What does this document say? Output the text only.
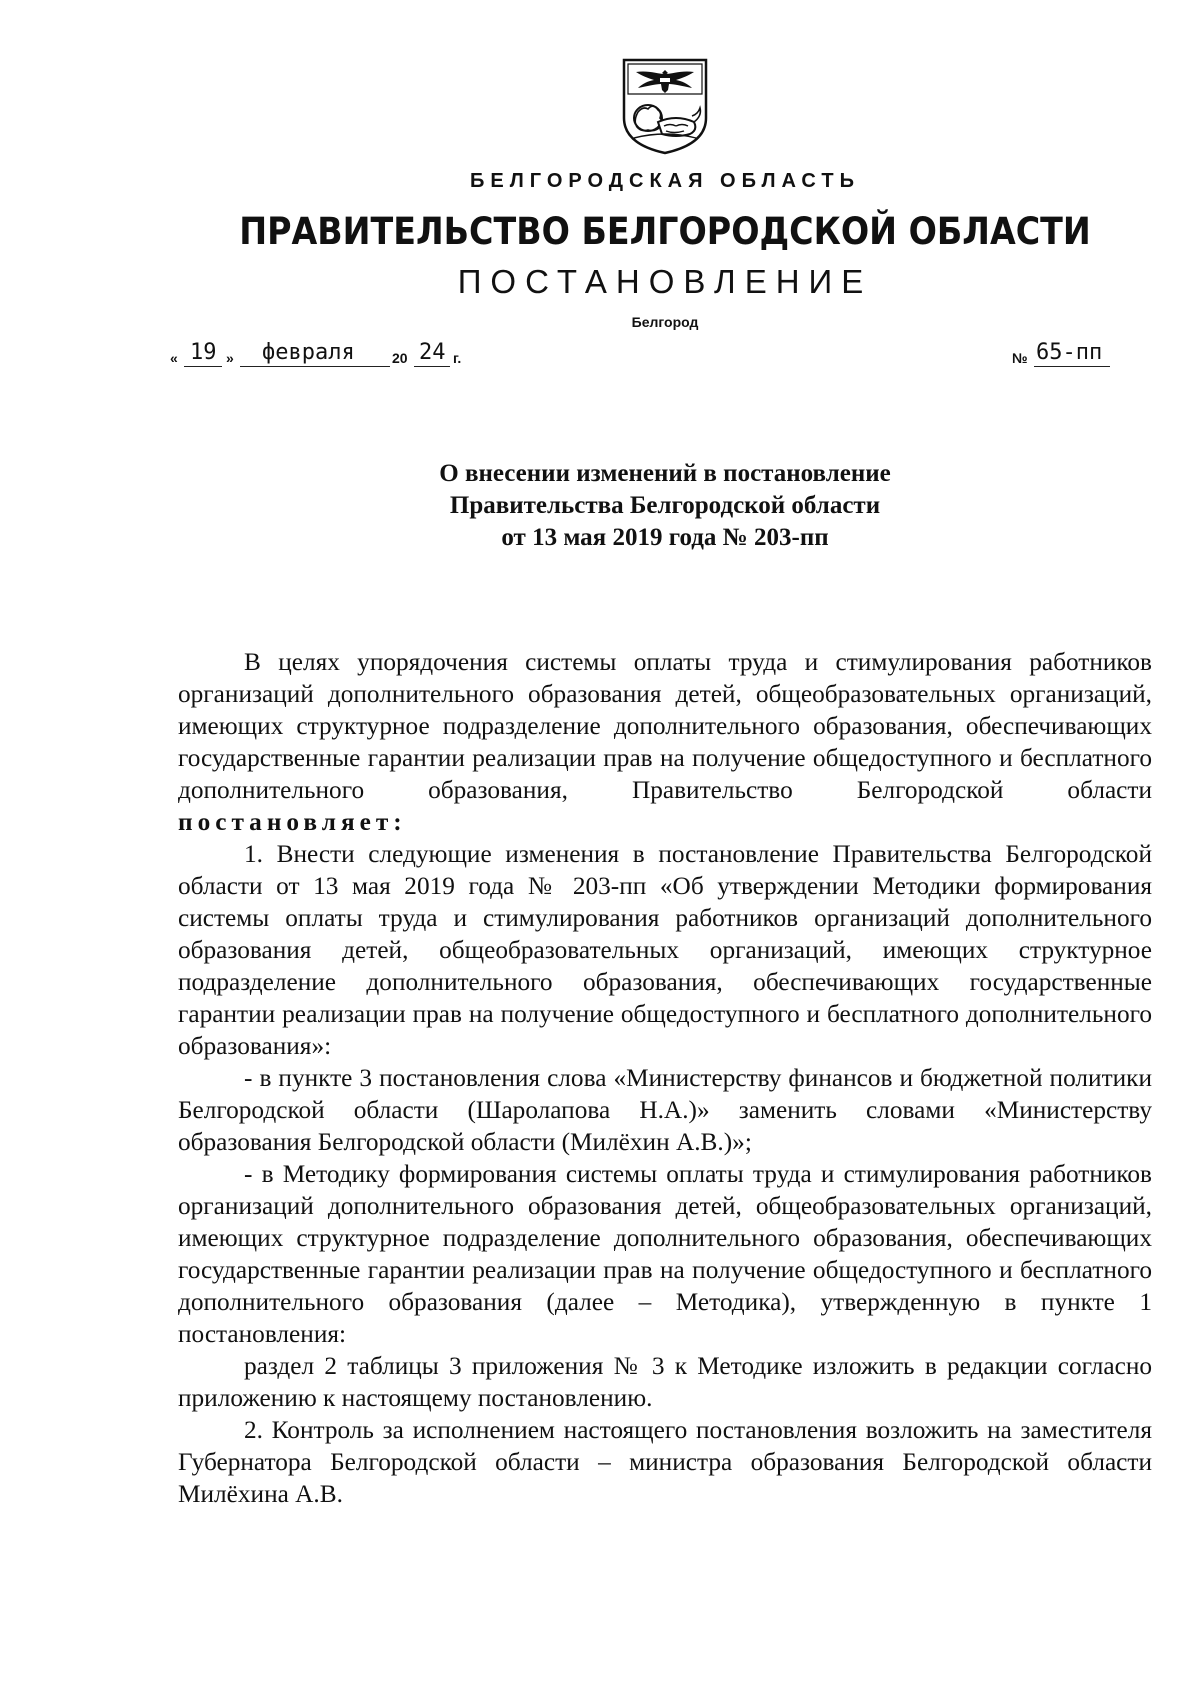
БЕЛГОРОДСКАЯ ОБЛАСТЬ
ПРАВИТЕЛЬСТВО БЕЛГОРОДСКОЙ ОБЛАСТИ
ПОСТАНОВЛЕНИЕ
Белгород
« 19 » февраля	20 24 г.	№ 65-пп
О внесении изменений в постановление
Правительства Белгородской области
от 13 мая 2019 года № 203-пп

В целях упорядочения системы оплаты труда и стимулирования работников организаций дополнительного образования детей, общеобразовательных организаций, имеющих структурное подразделение дополнительного образования, обеспечивающих государственные гарантии реализации прав на получение общедоступного и бесплатного дополнительного образования, Правительство Белгородской области постановляет:

1. Внести следующие изменения в постановление Правительства Белгородской области от 13 мая 2019 года № 203-пп «Об утверждении Методики формирования системы оплаты труда и стимулирования работников организаций дополнительного образования детей, общеобразовательных организаций, имеющих структурное подразделение дополнительного образования, обеспечивающих государственные гарантии реализации прав на получение общедоступного и бесплатного дополнительного образования»:

- в пункте 3 постановления слова «Министерству финансов и бюджетной политики Белгородской области (Шаролапова Н.А.)» заменить словами «Министерству образования Белгородской области (Милёхин А.В.)»;

- в Методику формирования системы оплаты труда и стимулирования работников организаций дополнительного образования детей, общеобразовательных организаций, имеющих структурное подразделение дополнительного образования, обеспечивающих государственные гарантии реализации прав на получение общедоступного и бесплатного дополнительного образования (далее – Методика), утвержденную в пункте 1 постановления:

раздел 2 таблицы 3 приложения № 3 к Методике изложить в редакции согласно приложению к настоящему постановлению.

2. Контроль за исполнением настоящего постановления возложить на заместителя Губернатора Белгородской области – министра образования Белгородской области Милёхина А.В.
